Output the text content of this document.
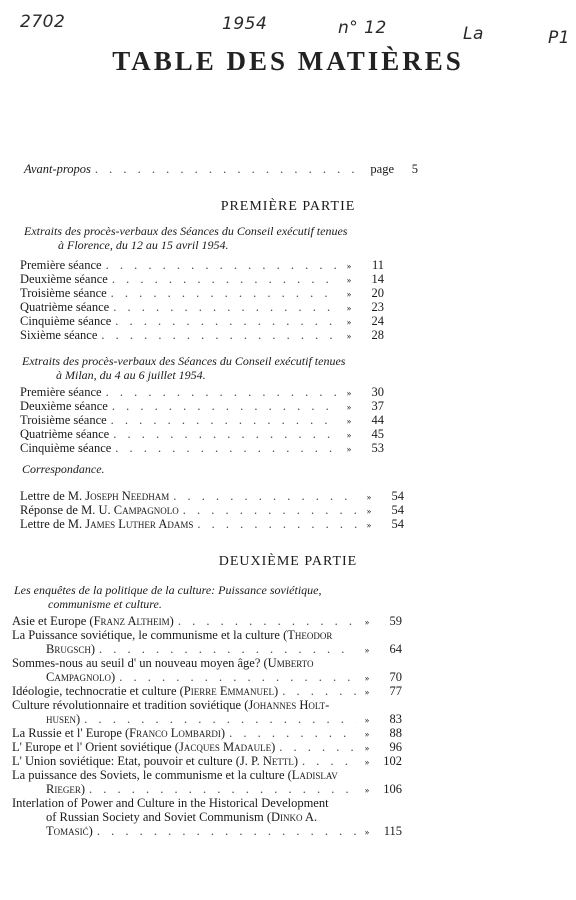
2702	1954	n° 12	La	P1
TABLE DES MATIÈRES
Avant-propos . . .	page	5
PREMIÈRE PARTIE
Extraits des procès-verbaux des Séances du Conseil exécutif tenues
à Florence, du 12 au 15 avril 1954.
Première séance . . .	»	11
Deuxième séance . . .	»	14
Troisième séance . . .	»	20
Quatrième séance . . .	»	23
Cinquième séance . . .	»	24
Sixième séance . . .	»	28
Extraits des procès-verbaux des Séances du Conseil exécutif tenues
à Milan, du 4 au 6 juillet 1954.
Première séance . . .	»	30
Deuxième séance . . .	»	37
Troisième séance . . .	»	44
Quatrième séance . . .	»	45
Cinquième séance . . .	»	53
Correspondance.
Lettre de M. Joseph Needham . . .	»	54
Réponse de M. U. Campagnolo . . .	»	54
Lettre de M. James Luther Adams . . .	»	54
DEUXIÈME PARTIE
Les enquêtes de la politique de la culture: Puissance soviétique,
communisme et culture.
Asie et Europe (Franz Altheim) . . .	»	59
La Puissance soviétique, le communisme et la culture (Theodor
Brugsch) . . .	»	64
Sommes-nous au seuil d' un nouveau moyen âge? (Umberto
Campagnolo) . . .	»	70
Idéologie, technocratie et culture (Pierre Emmanuel) . . .	»	77
Culture révolutionnaire et tradition soviétique (Johannes Holt-
husen) . . .	»	83
La Russie et l' Europe (Franco Lombardi) . . .	»	88
L' Europe et l' Orient soviétique (Jacques Madaule) . . .	»	96
L' Union soviétique: Etat, pouvoir et culture (J. P. Nettl) . . .	»	102
La puissance des Soviets, le communisme et la culture (Ladislav
Rieger) . . .	»	106
Interlation of Power and Culture in the Historical Development
of Russian Society and Soviet Communism (Dinko A.
Tomasić) . . .	»	115
